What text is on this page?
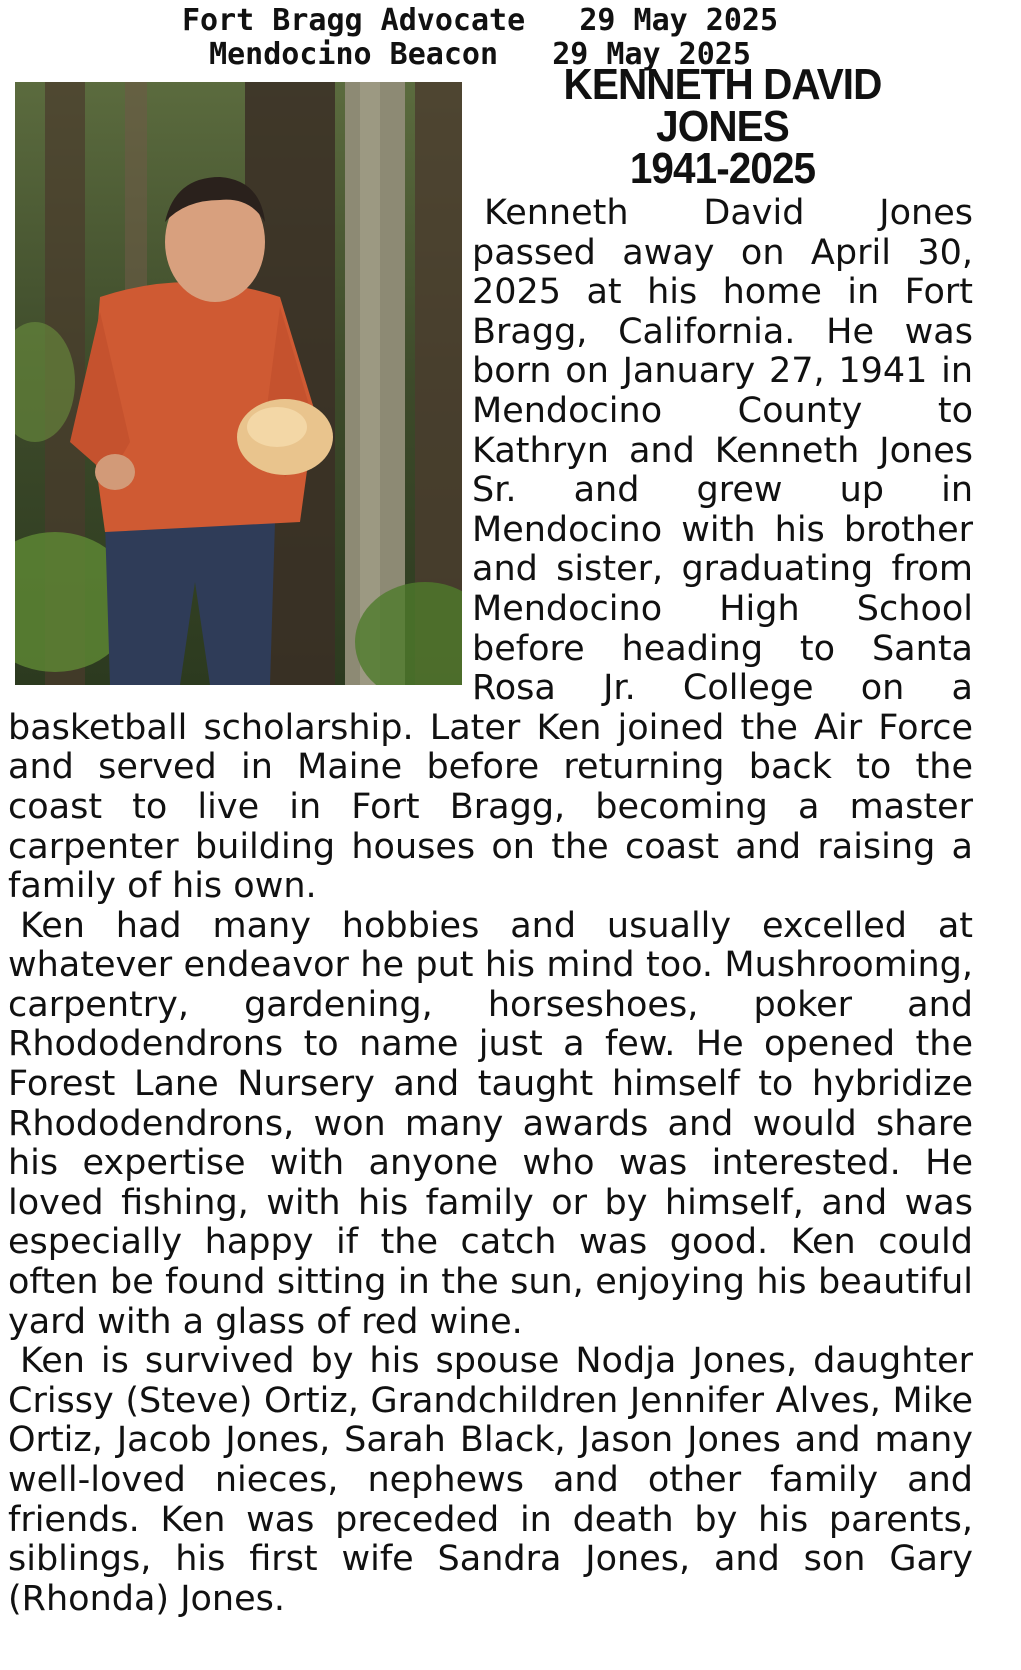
Fort Bragg Advocate   29 May 2025
Mendocino Beacon   29 May 2025
KENNETH DAVID
JONES
1941-2025

Kenneth David Jones passed away on April 30, 2025 at his home in Fort Bragg, California. He was born on January 27, 1941 in Mendocino County to Kathryn and Kenneth Jones Sr. and grew up in Mendocino with his brother and sister, graduating from Mendocino High School before heading to Santa Rosa Jr. College on a basketball scholarship. Later Ken joined the Air Force and served in Maine before returning back to the coast to live in Fort Bragg, becoming a master carpenter building houses on the coast and raising a family of his own.

Ken had many hobbies and usually excelled at whatever endeavor he put his mind too. Mushrooming, carpentry, gardening, horseshoes, poker and Rhododendrons to name just a few. He opened the Forest Lane Nursery and taught himself to hybridize Rhododendrons, won many awards and would share his expertise with anyone who was interested. He loved fishing, with his family or by himself, and was especially happy if the catch was good. Ken could often be found sitting in the sun, enjoying his beautiful yard with a glass of red wine.

Ken is survived by his spouse Nodja Jones, daughter Crissy (Steve) Ortiz, Grandchildren Jennifer Alves, Mike Ortiz, Jacob Jones, Sarah Black, Jason Jones and many well-loved nieces, nephews and other family and friends. Ken was preceded in death by his parents, siblings, his first wife Sandra Jones, and son Gary (Rhonda) Jones.
